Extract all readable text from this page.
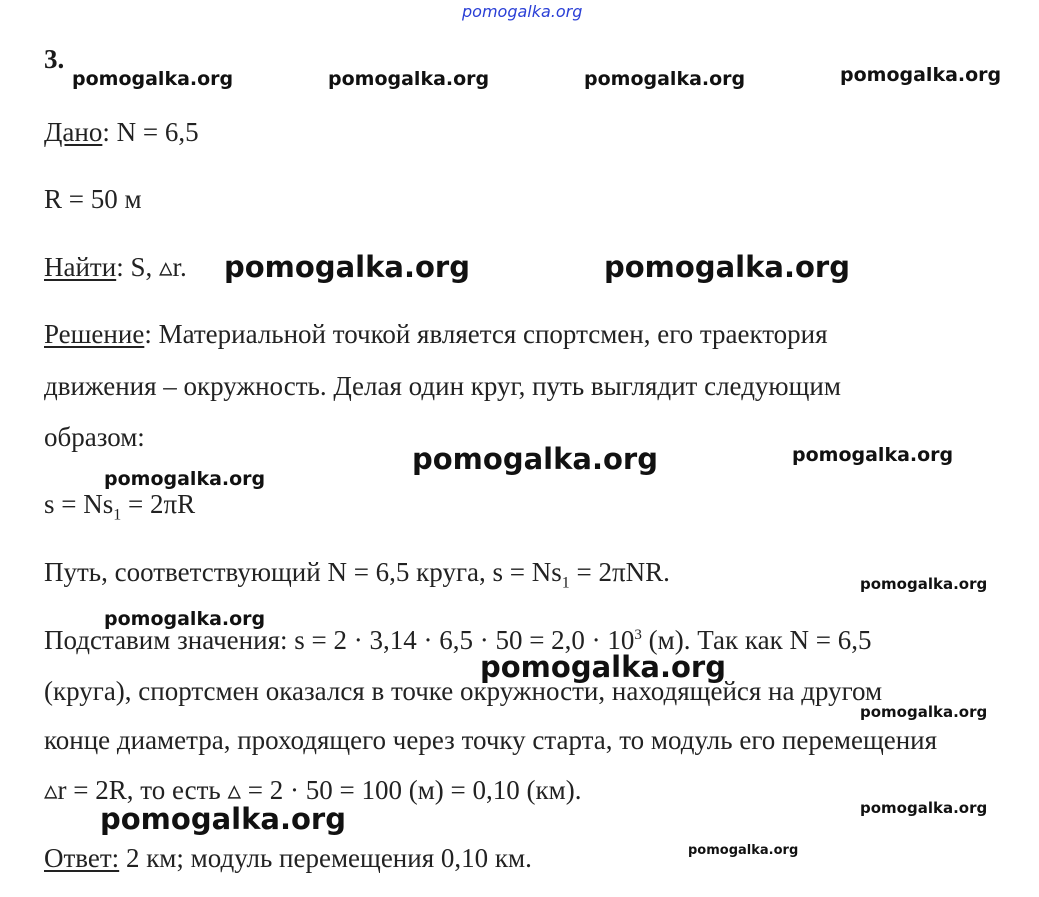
pomogalka.org
3.
Дано: N = 6,5
R = 50 м
Найти: S, ▵r.
Решение: Материальной точкой является спортсмен, его траектория
движения – окружность. Делая один круг, путь выглядит следующим
образом:
$s = Ns_1 = 2\pi R$
Путь, соответствующий N = 6,5 круга, $s = Ns_1 = 2\pi NR$.
Подставим значения: $s = 2 \cdot 3,14 \cdot 6,5 \cdot 50 = 2,0 \cdot 10^3$ (м). Так как N = 6,5
(круга), спортсмен оказался в точке окружности, находящейся на другом
конце диаметра, проходящего через точку старта, то модуль его перемещения
▵r = 2R, то есть ▵ = 2 · 50 = 100 (м) = 0,10 (км).
Ответ: 2 км; модуль перемещения 0,10 км.
pomogalka.org	pomogalka.org	pomogalka.org	pomogalka.org
pomogalka.org	pomogalka.org
pomogalka.org	pomogalka.org
pomogalka.org
pomogalka.org
pomogalka.org
pomogalka.org
pomogalka.org
pomogalka.org
pomogalka.org
pomogalka.org
